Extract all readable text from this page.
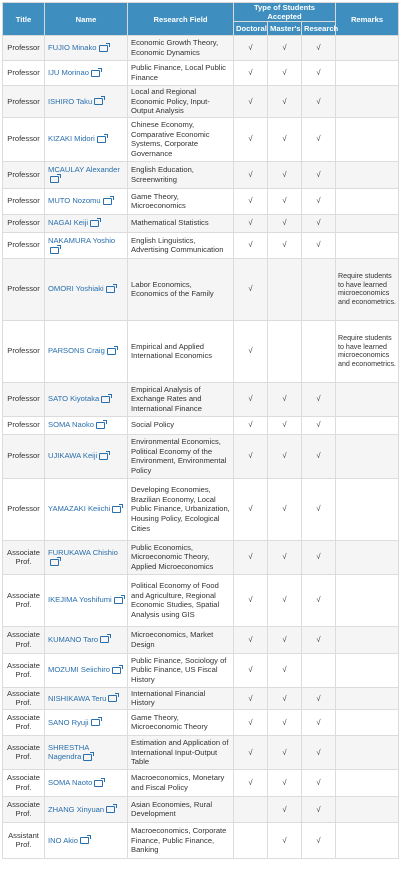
Title	Name	Research Field	Type of Students Accepted			Remarks
			Doctoral	Master's	Research	
Professor	FUJIO Minako	Economic Growth Theory, Economic Dynamics	√	√	√	
Professor	IJU Morinao	Public Finance, Local Public Finance	√	√	√	
Professor	ISHIRO Taku	Local and Regional Economic Policy, Input-Output Analysis	√	√	√	
Professor	KIZAKI Midori	Chinese Economy, Comparative Economic Systems, Corporate Governance	√	√	√	
Professor	MCAULAY Alexander	English Education, Screenwriting	√	√	√	
Professor	MUTO Nozomu	Game Theory, Microeconomics	√	√	√	
Professor	NAGAI Keiji	Mathematical Statistics	√	√	√	
Professor	NAKAMURA Yoshio	English Linguistics, Advertising Communication	√	√	√	
Professor	OMORI Yoshiaki	Labor Economics, Economics of the Family	√			Require students to have learned microeconomics and econometrics.
Professor	PARSONS Craig	Empirical and Applied International Economics	√			Require students to have learned microeconomics and econometrics.
Professor	SATO Kiyotaka	Empirical Analysis of Exchange Rates and International Finance	√	√	√	
Professor	SOMA Naoko	Social Policy	√	√	√	
Professor	UJIKAWA Keiji	Environmental Economics, Political Economy of the Environment, Environmental Policy	√	√	√	
Professor	YAMAZAKI Keiichi	Developing Economies, Brazilian Economy, Local Public Finance, Urbanization, Housing Policy, Ecological Cities	√	√	√	
Associate Prof.	FURUKAWA Chishio	Public Economics, Microeconomic Theory, Applied Microeconomics	√	√	√	
Associate Prof.	IKEJIMA Yoshifumi	Political Economy of Food and Agriculture, Regional Economic Studies, Spatial Analysis using GIS	√	√	√	
Associate Prof.	KUMANO Taro	Microeconomics, Market Design	√	√	√	
Associate Prof.	MOZUMI Seiichiro	Public Finance, Sociology of Public Finance, US Fiscal History	√	√		
Associate Prof.	NISHIKAWA Teru	International Financial History	√	√	√	
Associate Prof.	SANO Ryuji	Game Theory, Microeconomic Theory	√	√	√	
Associate Prof.	SHRESTHA Nagendra	Estimation and Application of International Input-Output Table	√	√	√	
Associate Prof.	SOMA Naoto	Macroeconomics, Monetary and Fiscal Policy	√	√	√	
Associate Prof.	ZHANG Xinyuan	Asian Economies, Rural Development		√	√	
Assistant Prof.	INO Akio	Macroeconomics, Corporate Finance, Public Finance, Banking		√	√	
